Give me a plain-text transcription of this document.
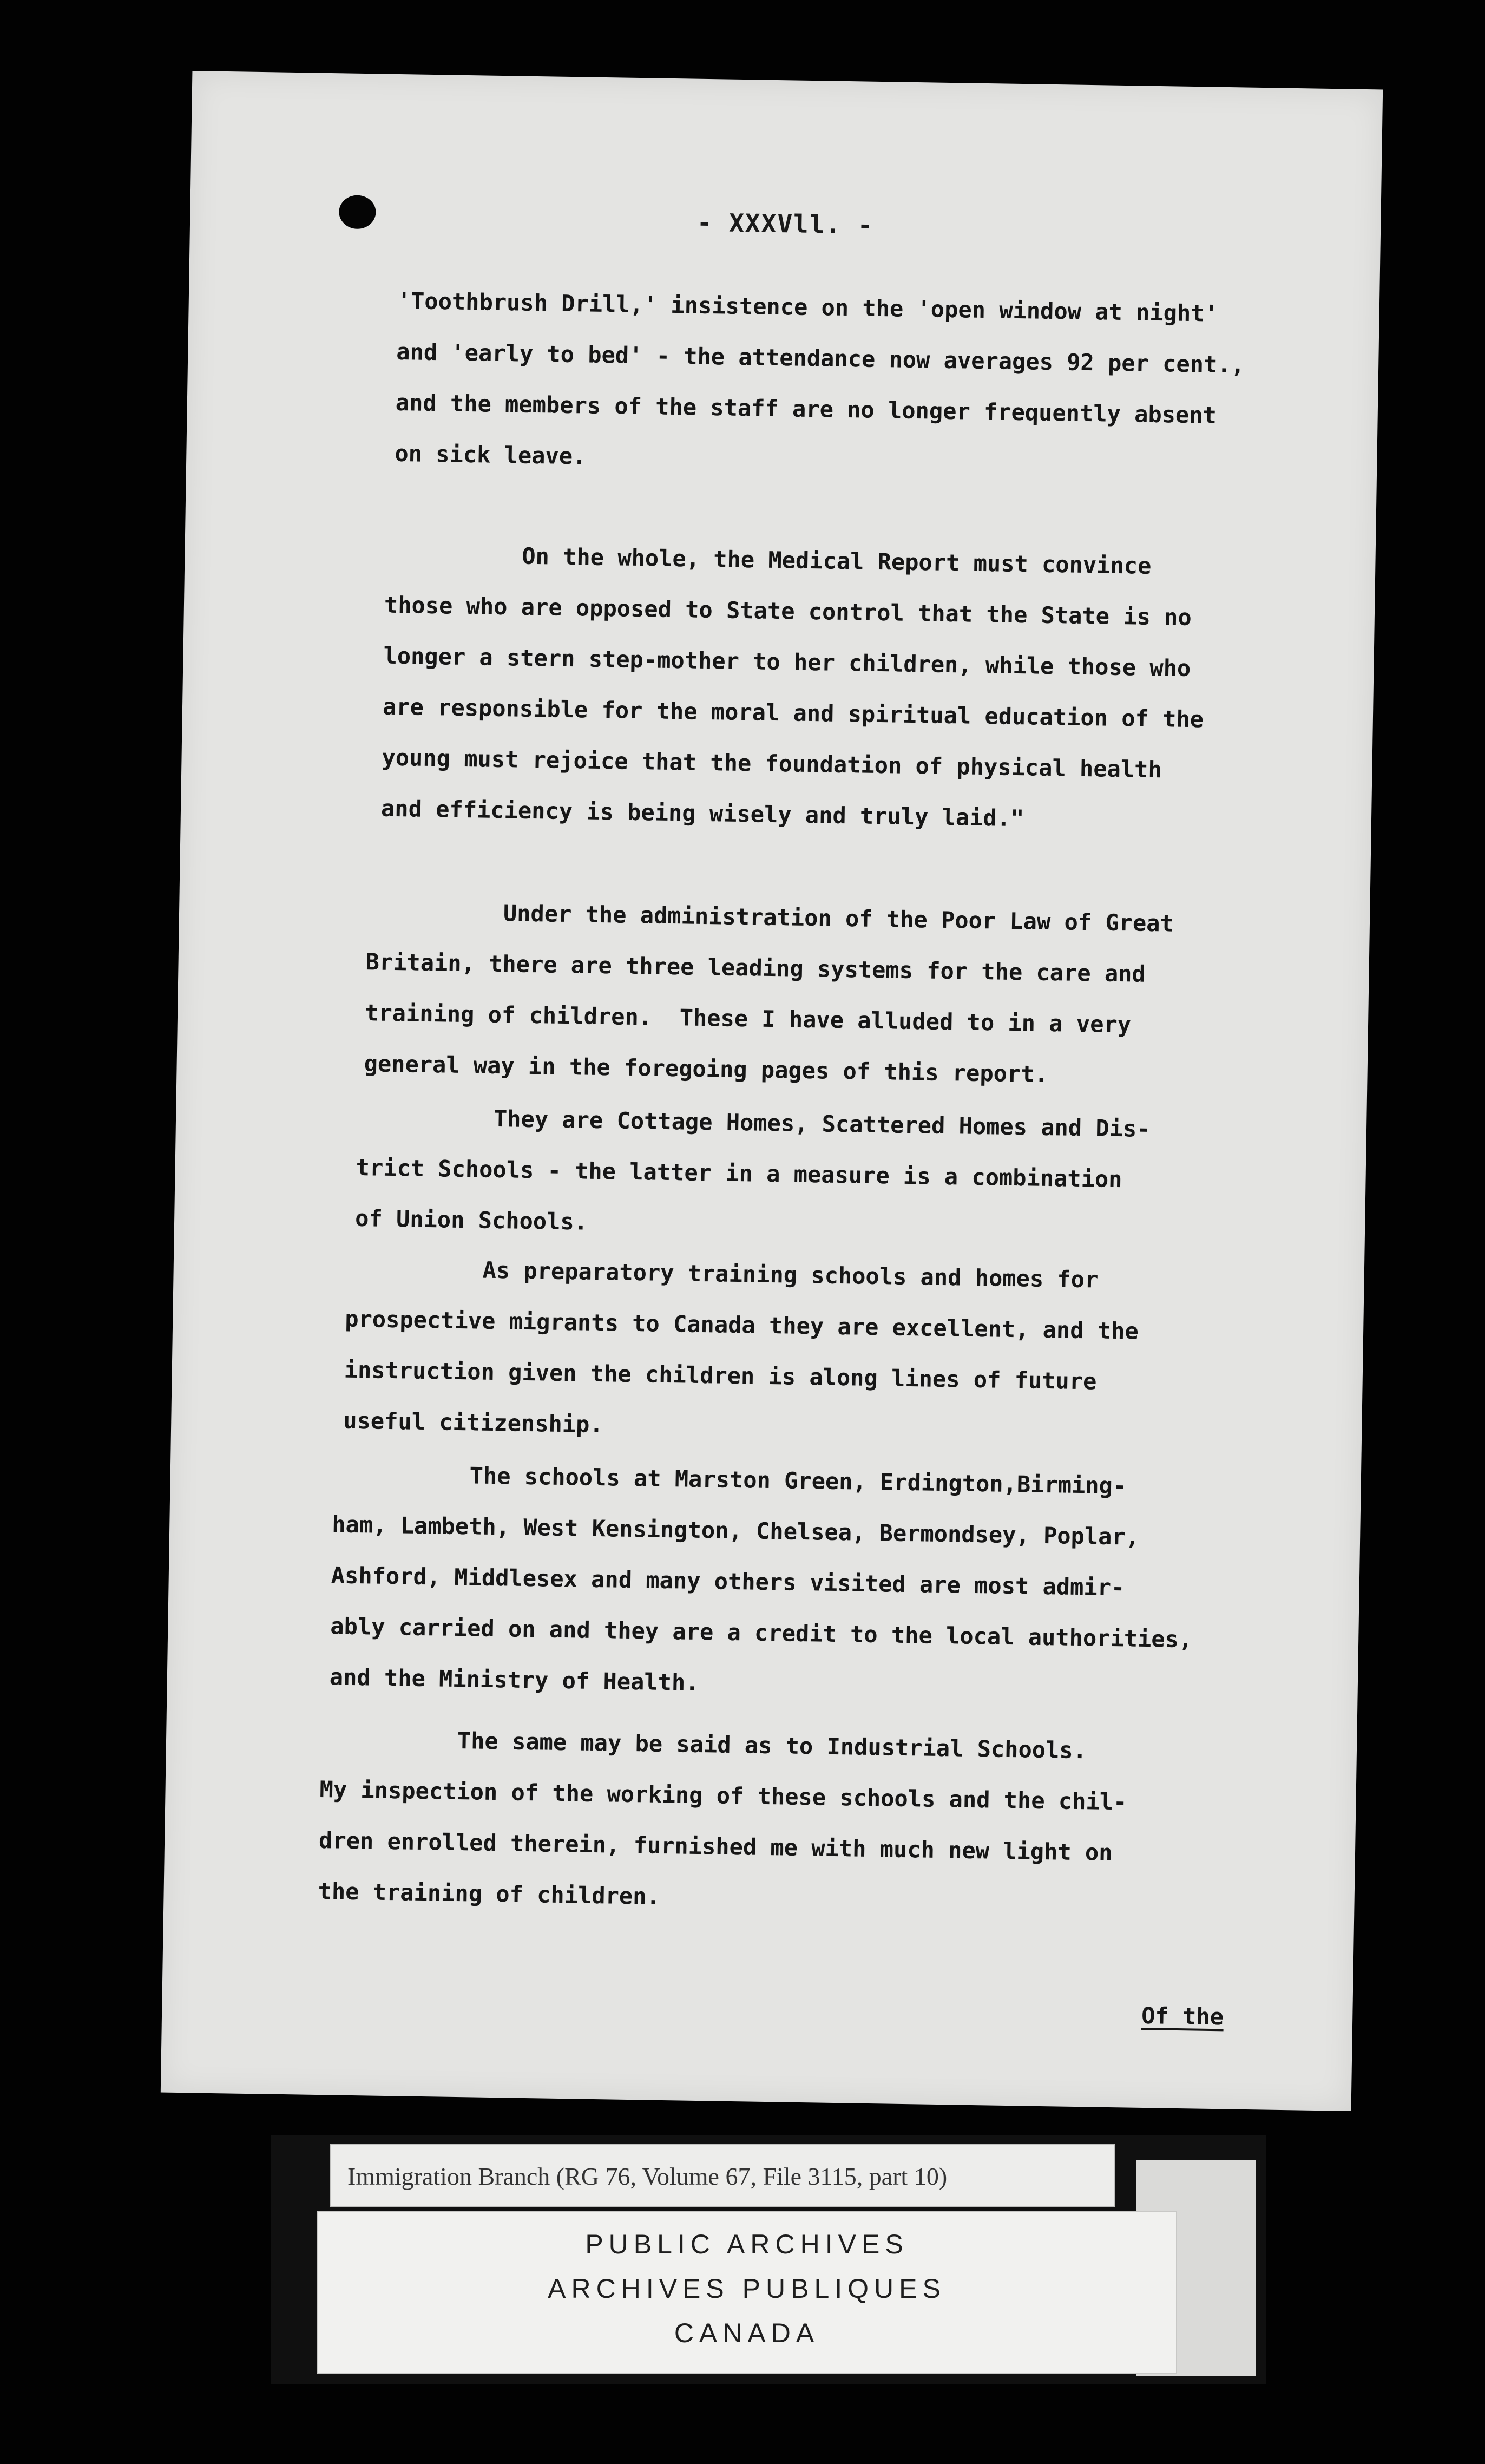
- XXXVll. -
'Toothbrush Drill,' insistence on the 'open window at night'
and 'early to bed' - the attendance now averages 92 per cent.,
and the members of the staff are no longer frequently absent
on sick leave.
On the whole, the Medical Report must convince
those who are opposed to State control that the State is no
longer a stern step-mother to her children, while those who
are responsible for the moral and spiritual education of the
young must rejoice that the foundation of physical health
and efficiency is being wisely and truly laid."
Under the administration of the Poor Law of Great
Britain, there are three leading systems for the care and
training of children.  These I have alluded to in a very
general way in the foregoing pages of this report.
They are Cottage Homes, Scattered Homes and Dis-
trict Schools - the latter in a measure is a combination
of Union Schools.
As preparatory training schools and homes for
prospective migrants to Canada they are excellent, and the
instruction given the children is along lines of future
useful citizenship.
The schools at Marston Green, Erdington,Birming-
ham, Lambeth, West Kensington, Chelsea, Bermondsey, Poplar,
Ashford, Middlesex and many others visited are most admir-
ably carried on and they are a credit to the local authorities,
and the Ministry of Health.
The same may be said as to Industrial Schools.
My inspection of the working of these schools and the chil-
dren enrolled therein, furnished me with much new light on
the training of children.
Of the
Immigration Branch (RG 76, Volume 67, File 3115, part 10)
PUBLIC ARCHIVES
ARCHIVES PUBLIQUES
CANADA
